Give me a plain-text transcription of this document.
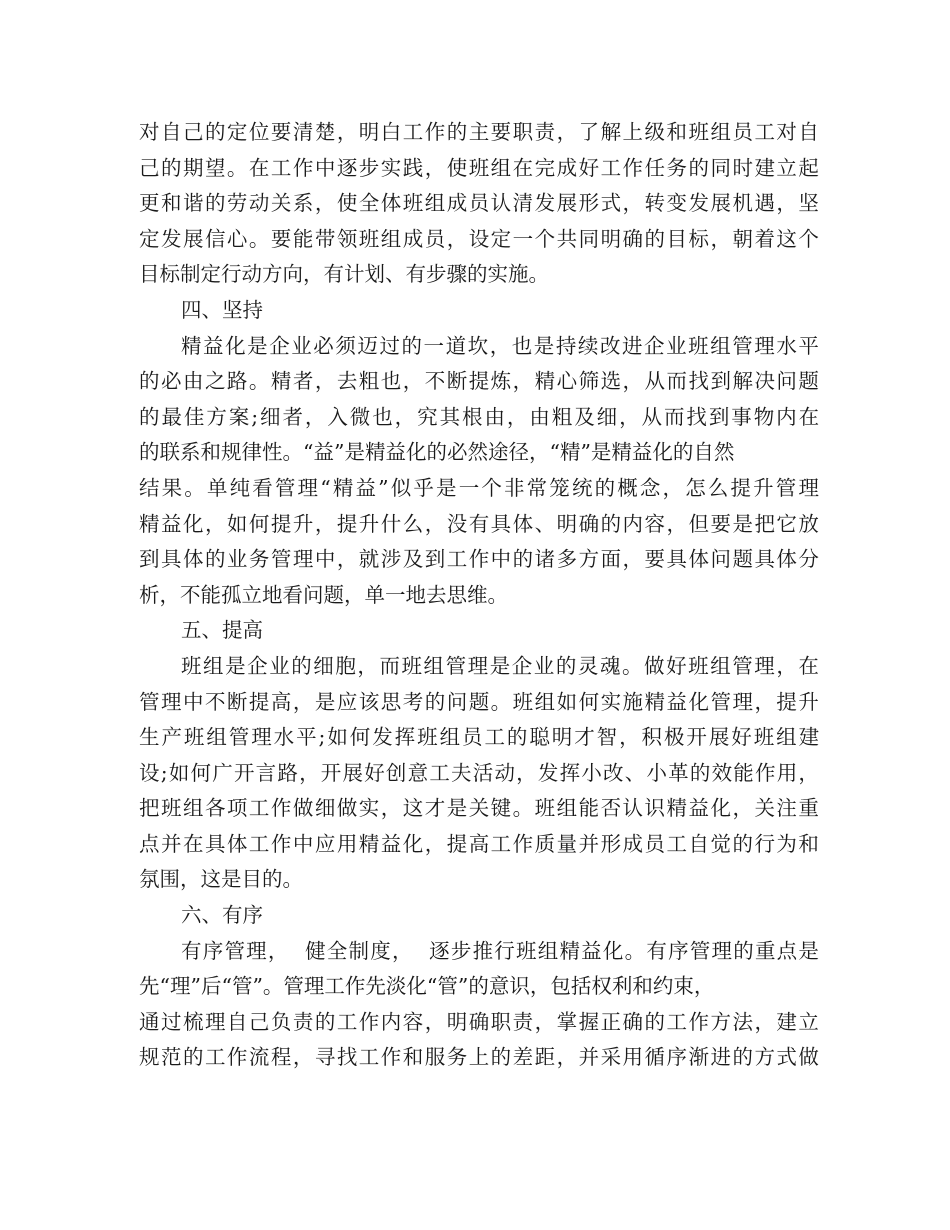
对自己的定位要清楚，明白工作的主要职责，了解上级和班组员工对自
己的期望。在工作中逐步实践，使班组在完成好工作任务的同时建立起
更和谐的劳动关系，使全体班组成员认清发展形式，转变发展机遇，坚
定发展信心。要能带领班组成员，设定一个共同明确的目标，朝着这个
目标制定行动方向，有计划、有步骤的实施。
四、坚持
精益化是企业必须迈过的一道坎，也是持续改进企业班组管理水平
的必由之路。精者，去粗也，不断提炼，精心筛选，从而找到解决问题
的最佳方案;细者，入微也，究其根由，由粗及细，从而找到事物内在
的联系和规律性。“益”是精益化的必然途径，“精”是精益化的自然
结果。单纯看管理“精益”似乎是一个非常笼统的概念，怎么提升管理
精益化，如何提升，提升什么，没有具体、明确的内容，但要是把它放
到具体的业务管理中，就涉及到工作中的诸多方面，要具体问题具体分
析，不能孤立地看问题，单一地去思维。
五、提高
班组是企业的细胞，而班组管理是企业的灵魂。做好班组管理，在
管理中不断提高，是应该思考的问题。班组如何实施精益化管理，提升
生产班组管理水平;如何发挥班组员工的聪明才智，积极开展好班组建
设;如何广开言路，开展好创意工夫活动，发挥小改、小革的效能作用，
把班组各项工作做细做实，这才是关键。班组能否认识精益化，关注重
点并在具体工作中应用精益化，提高工作质量并形成员工自觉的行为和
氛围，这是目的。
六、有序
有序管理，  健全制度，  逐步推行班组精益化。有序管理的重点是
先“理”后“管”。管理工作先淡化“管”的意识，包括权利和约束，
通过梳理自己负责的工作内容，明确职责，掌握正确的工作方法，建立
规范的工作流程，寻找工作和服务上的差距，并采用循序渐进的方式做
